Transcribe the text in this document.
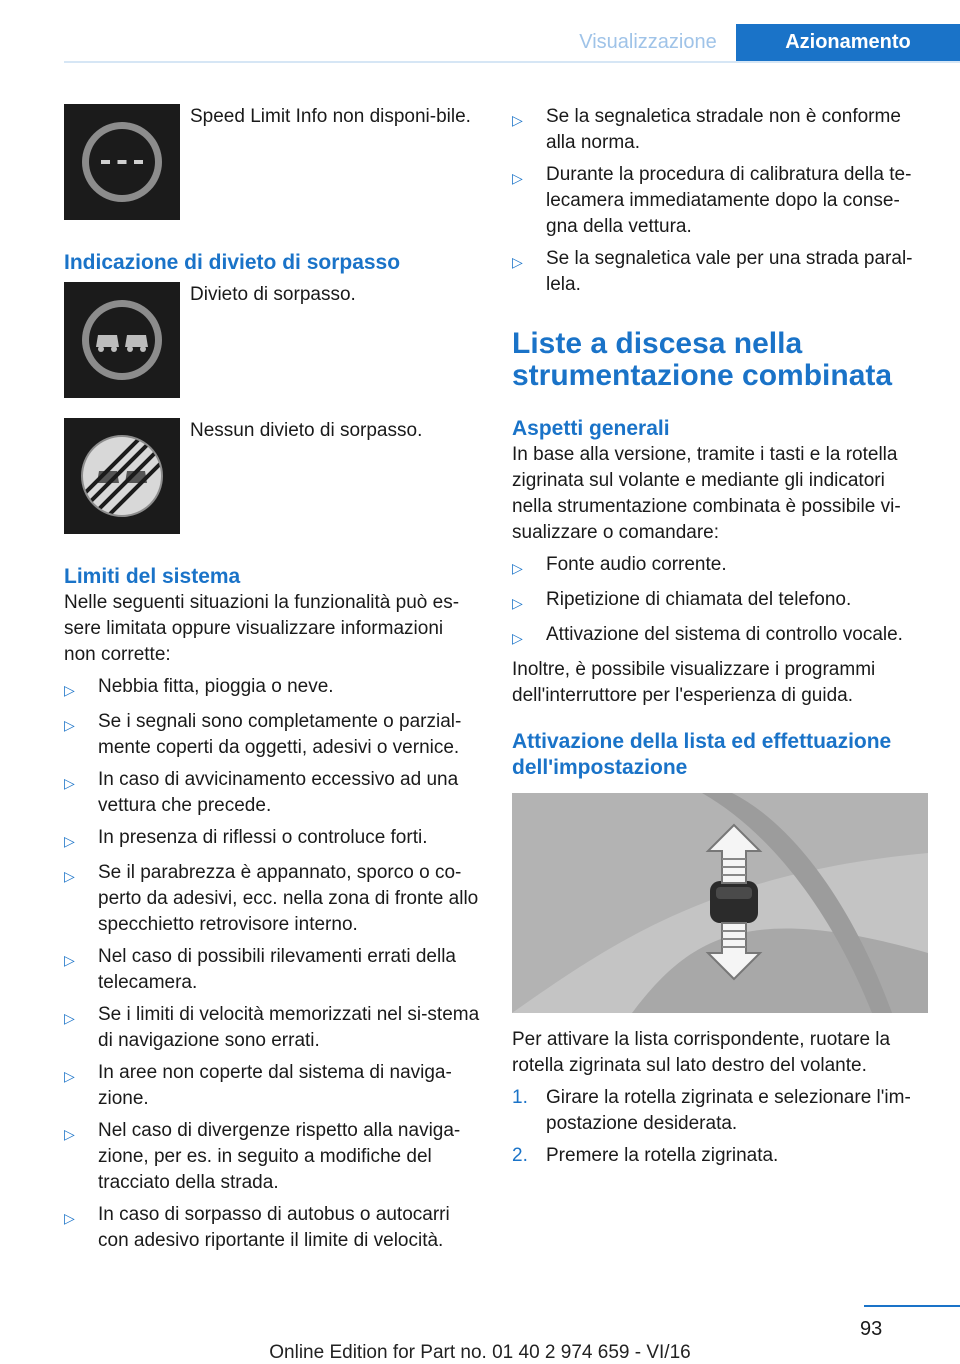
Visualizzazione	Azionamento
Speed Limit Info non disponi-bile.
Indicazione di divieto di sorpasso
Divieto di sorpasso.
Nessun divieto di sorpasso.
Limiti del sistema

Nelle seguenti situazioni la funzionalità può es-sere limitata oppure visualizzare informazioni non corrette:

▷	Nebbia fitta, pioggia o neve.
▷	Se i segnali sono completamente o parzial-mente coperti da oggetti, adesivi o vernice.
▷	In caso di avvicinamento eccessivo ad una vettura che precede.
▷	In presenza di riflessi o controluce forti.
▷	Se il parabrezza è appannato, sporco o co-perto da adesivi, ecc. nella zona di fronte allo specchietto retrovisore interno.
▷	Nel caso di possibili rilevamenti errati della telecamera.
▷	Se i limiti di velocità memorizzati nel si-stema di navigazione sono errati.
▷	In aree non coperte dal sistema di naviga-zione.
▷	Nel caso di divergenze rispetto alla naviga-zione, per es. in seguito a modifiche del tracciato della strada.
▷	In caso di sorpasso di autobus o autocarri con adesivo riportante il limite di velocità.
▷	Se la segnaletica stradale non è conforme alla norma.
▷	Durante la procedura di calibratura della te-lecamera immediatamente dopo la conse-gna della vettura.
▷	Se la segnaletica vale per una strada paral-lela.
Liste a discesa nella strumentazione combinata
Aspetti generali

In base alla versione, tramite i tasti e la rotella zigrinata sul volante e mediante gli indicatori nella strumentazione combinata è possibile vi-sualizzare o comandare:

▷	Fonte audio corrente.
▷	Ripetizione di chiamata del telefono.
▷	Attivazione del sistema di controllo vocale.

Inoltre, è possibile visualizzare i programmi dell'interruttore per l'esperienza di guida.

Attivazione della lista ed effettuazione dell'impostazione

Per attivare la lista corrispondente, ruotare la rotella zigrinata sul lato destro del volante.

1. Girare la rotella zigrinata e selezionare l'im-postazione desiderata.
2. Premere la rotella zigrinata.
93
Online Edition for Part no. 01 40 2 974 659 - VI/16
